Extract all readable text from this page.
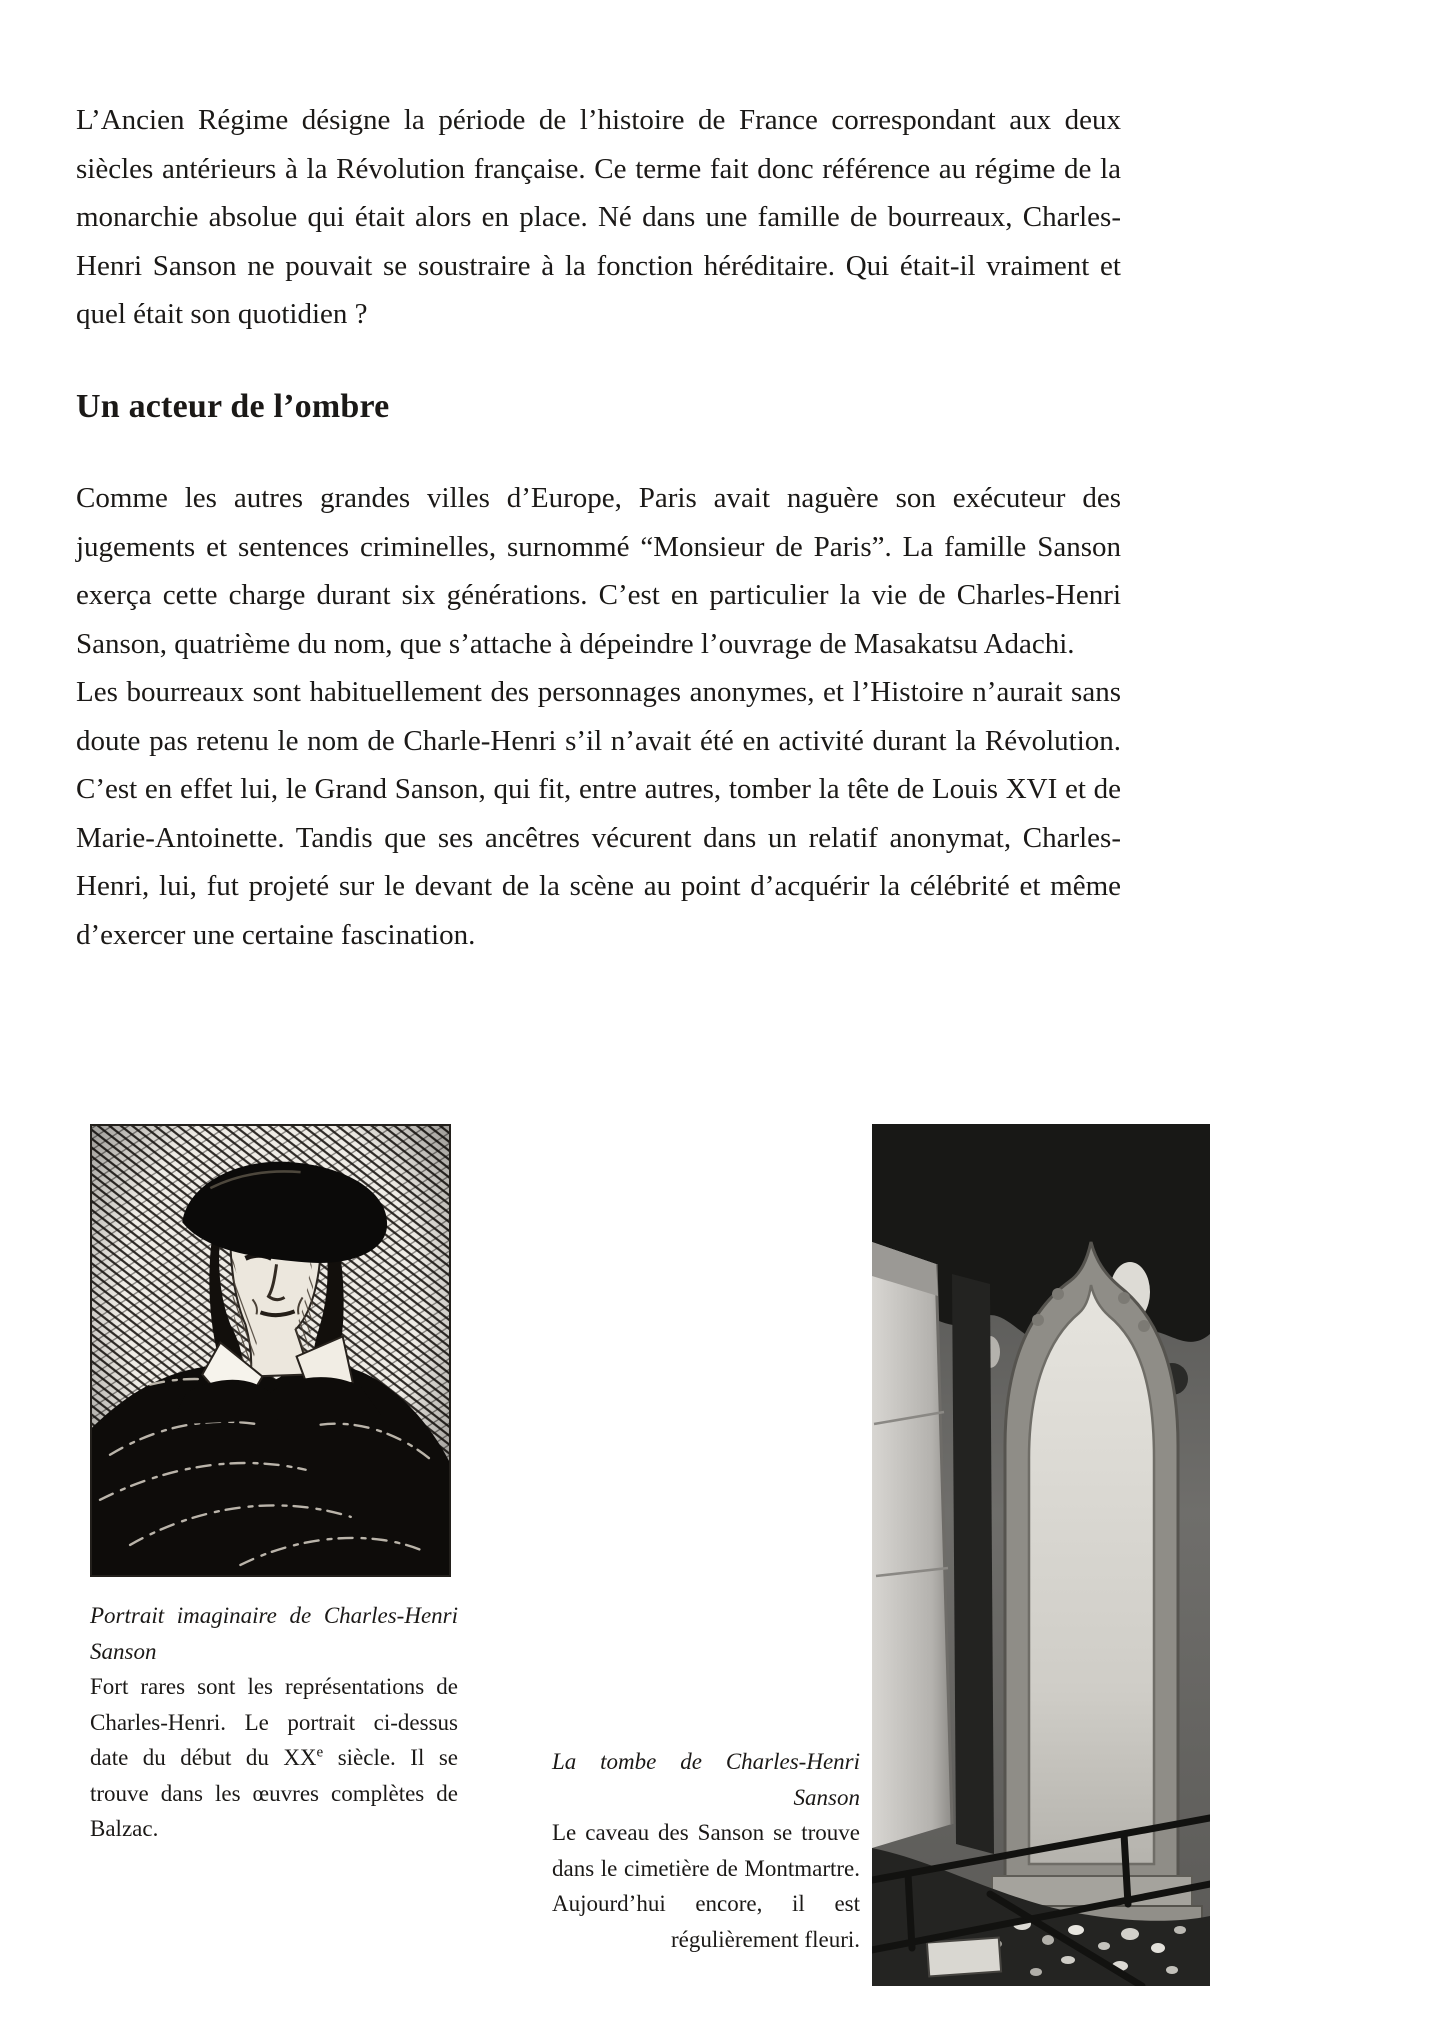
L’Ancien Régime désigne la période de l’histoire de France correspondant aux deux siècles antérieurs à la Révolution française. Ce terme fait donc référence au régime de la monarchie absolue qui était alors en place. Né dans une famille de bourreaux, Charles-Henri Sanson ne pouvait se soustraire à la fonction héréditaire. Qui était-il vraiment et quel était son quotidien ?

Un acteur de l’ombre

Comme les autres grandes villes d’Europe, Paris avait naguère son exécuteur des jugements et sentences criminelles, surnommé “Monsieur de Paris”. La famille Sanson exerça cette charge durant six générations. C’est en particulier la vie de Charles-Henri Sanson, quatrième du nom, que s’attache à dépeindre l’ouvrage de Masakatsu Adachi.

Les bourreaux sont habituellement des personnages anonymes, et l’Histoire n’aurait sans doute pas retenu le nom de Charle-Henri s’il n’avait été en activité durant la Révolution. C’est en effet lui, le Grand Sanson, qui fit, entre autres, tomber la tête de Louis XVI et de Marie-Antoinette. Tandis que ses ancêtres vécurent dans un relatif anonymat, Charles-Henri, lui, fut projeté sur le devant de la scène au point d’acquérir la célébrité et même d’exercer une certaine fascination.

Portrait imaginaire de Charles-Henri Sanson
Fort rares sont les représentations de Charles-Henri. Le portrait ci-dessus date du début du XXe siècle. Il se trouve dans les œuvres complètes de Balzac.
La tombe de Charles-Henri Sanson
Le caveau des Sanson se trouve dans le cimetière de Montmartre. Aujourd’hui encore, il est régulièrement fleuri.
